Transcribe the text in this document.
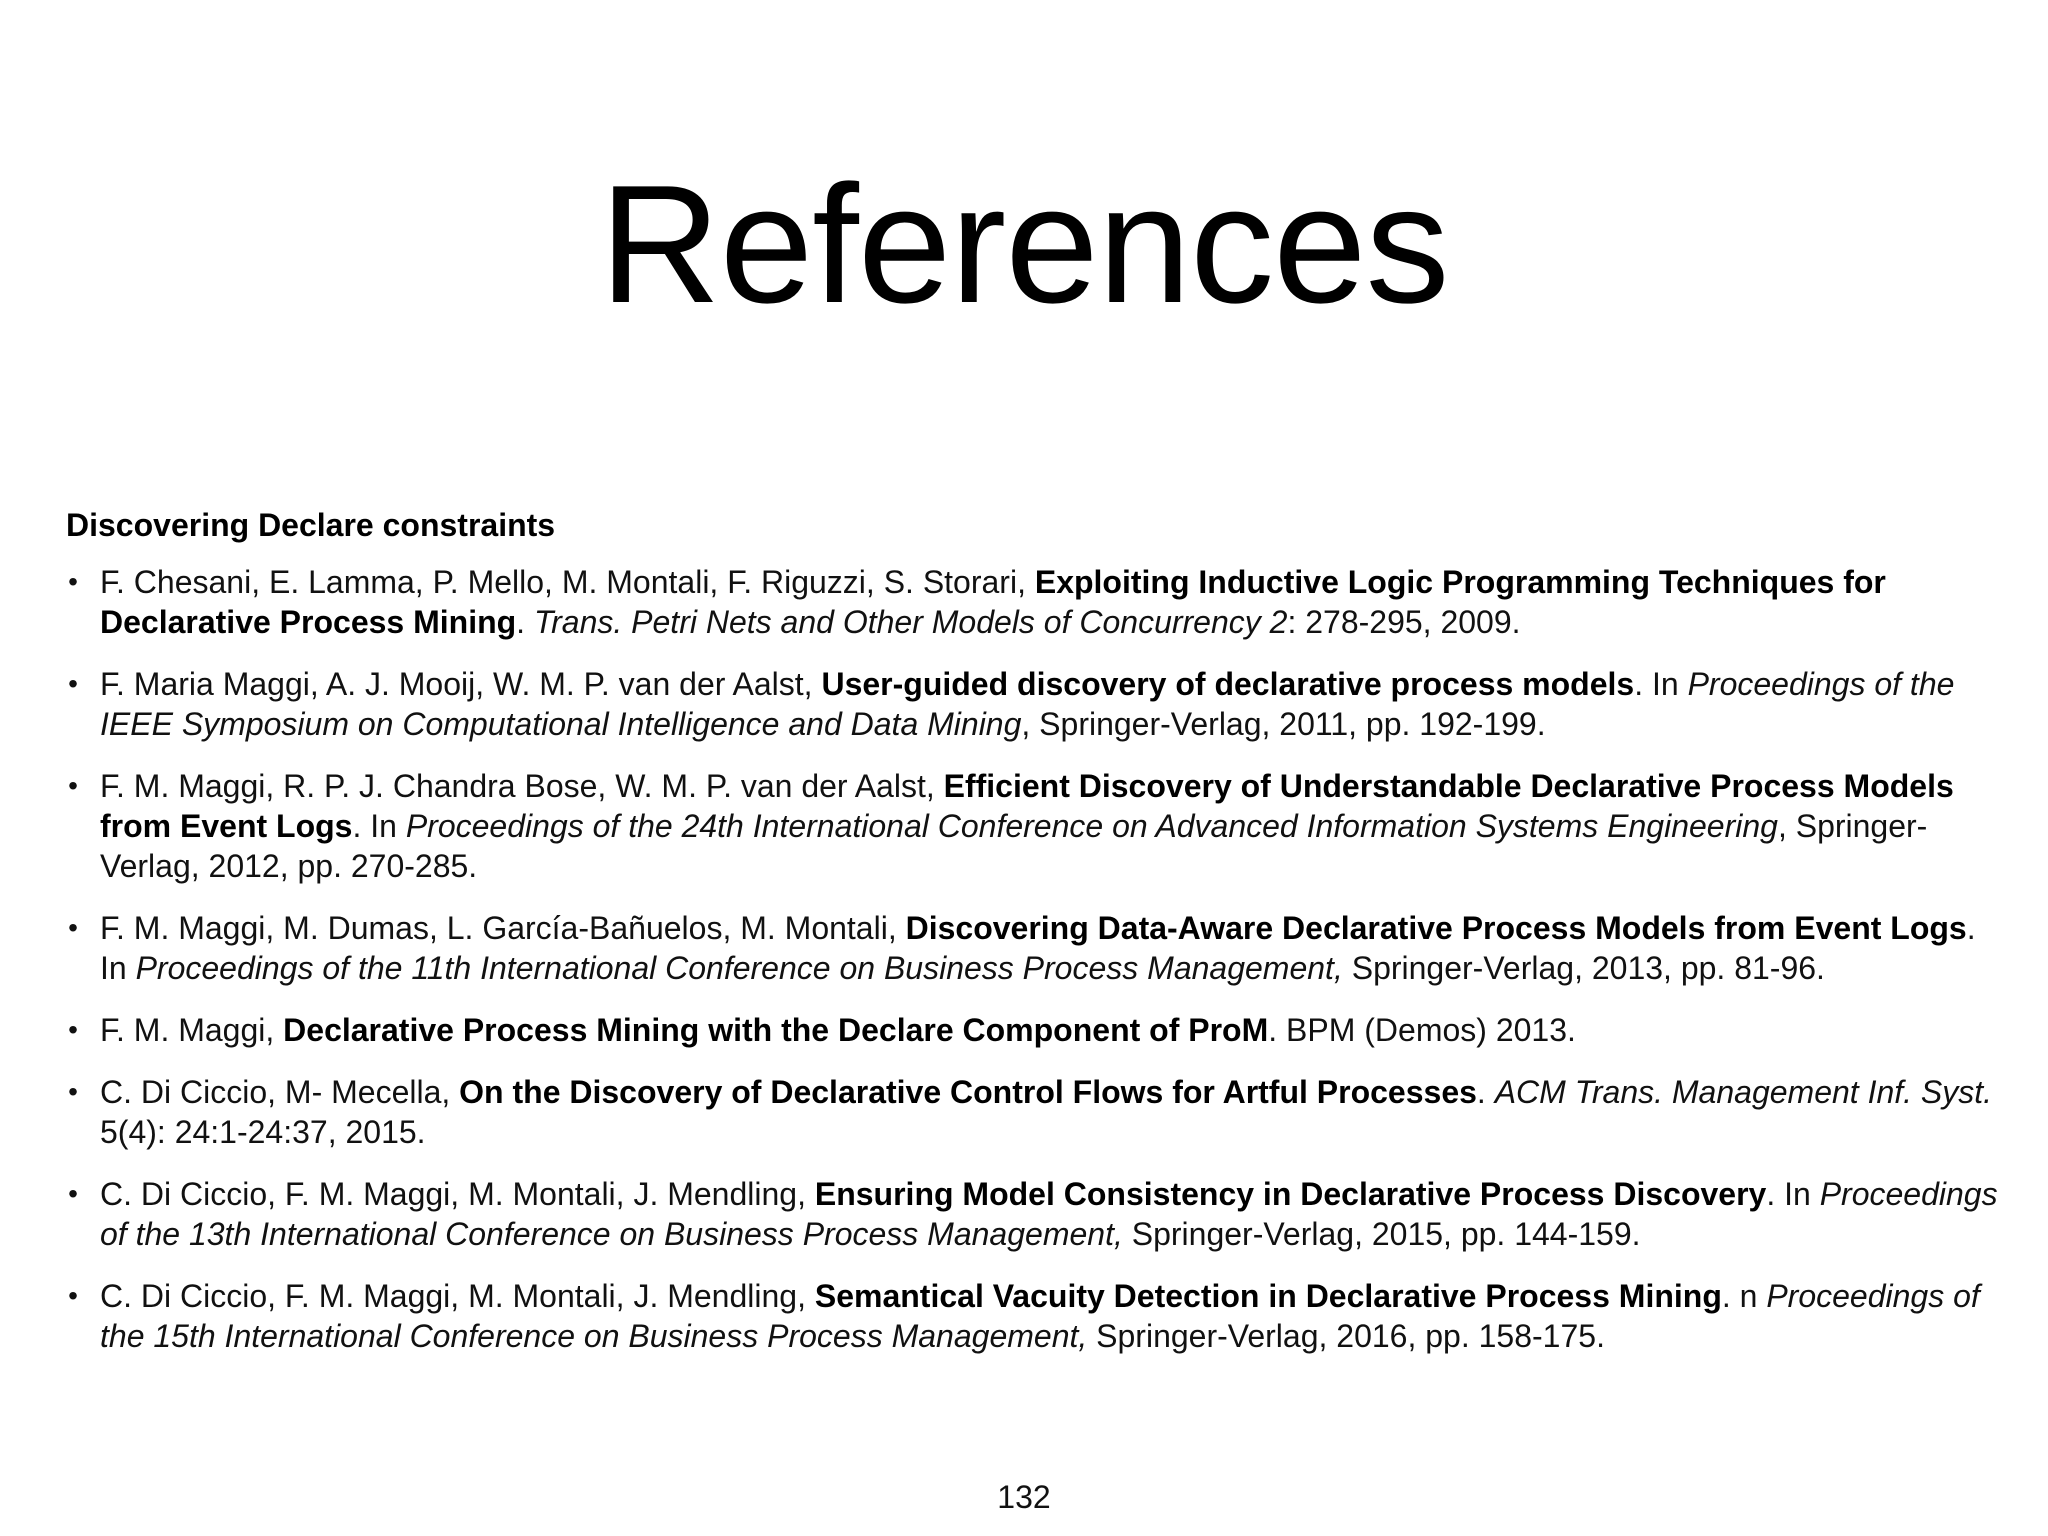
References
Discovering Declare constraints
• F. Chesani, E. Lamma, P. Mello, M. Montali, F. Riguzzi, S. Storari, Exploiting Inductive Logic Programming Techniques for Declarative Process Mining. Trans. Petri Nets and Other Models of Concurrency 2: 278-295, 2009.
• F. Maria Maggi, A. J. Mooij, W. M. P. van der Aalst, User-guided discovery of declarative process models. In Proceedings of the IEEE Symposium on Computational Intelligence and Data Mining, Springer-Verlag, 2011, pp. 192-199.
• F. M. Maggi, R. P. J. Chandra Bose, W. M. P. van der Aalst, Efficient Discovery of Understandable Declarative Process Models from Event Logs. In Proceedings of the 24th International Conference on Advanced Information Systems Engineering, Springer-Verlag, 2012, pp. 270-285.
• F. M. Maggi, M. Dumas, L. García-Bañuelos, M. Montali, Discovering Data-Aware Declarative Process Models from Event Logs. In Proceedings of the 11th International Conference on Business Process Management, Springer-Verlag, 2013, pp. 81-96.
• F. M. Maggi, Declarative Process Mining with the Declare Component of ProM. BPM (Demos) 2013.
• C. Di Ciccio, M- Mecella, On the Discovery of Declarative Control Flows for Artful Processes. ACM Trans. Management Inf. Syst. 5(4): 24:1-24:37, 2015.
• C. Di Ciccio, F. M. Maggi, M. Montali, J. Mendling, Ensuring Model Consistency in Declarative Process Discovery. In Proceedings of the 13th International Conference on Business Process Management, Springer-Verlag, 2015, pp. 144-159.
• C. Di Ciccio, F. M. Maggi, M. Montali, J. Mendling, Semantical Vacuity Detection in Declarative Process Mining. n Proceedings of the 15th International Conference on Business Process Management, Springer-Verlag, 2016, pp. 158-175.
132
